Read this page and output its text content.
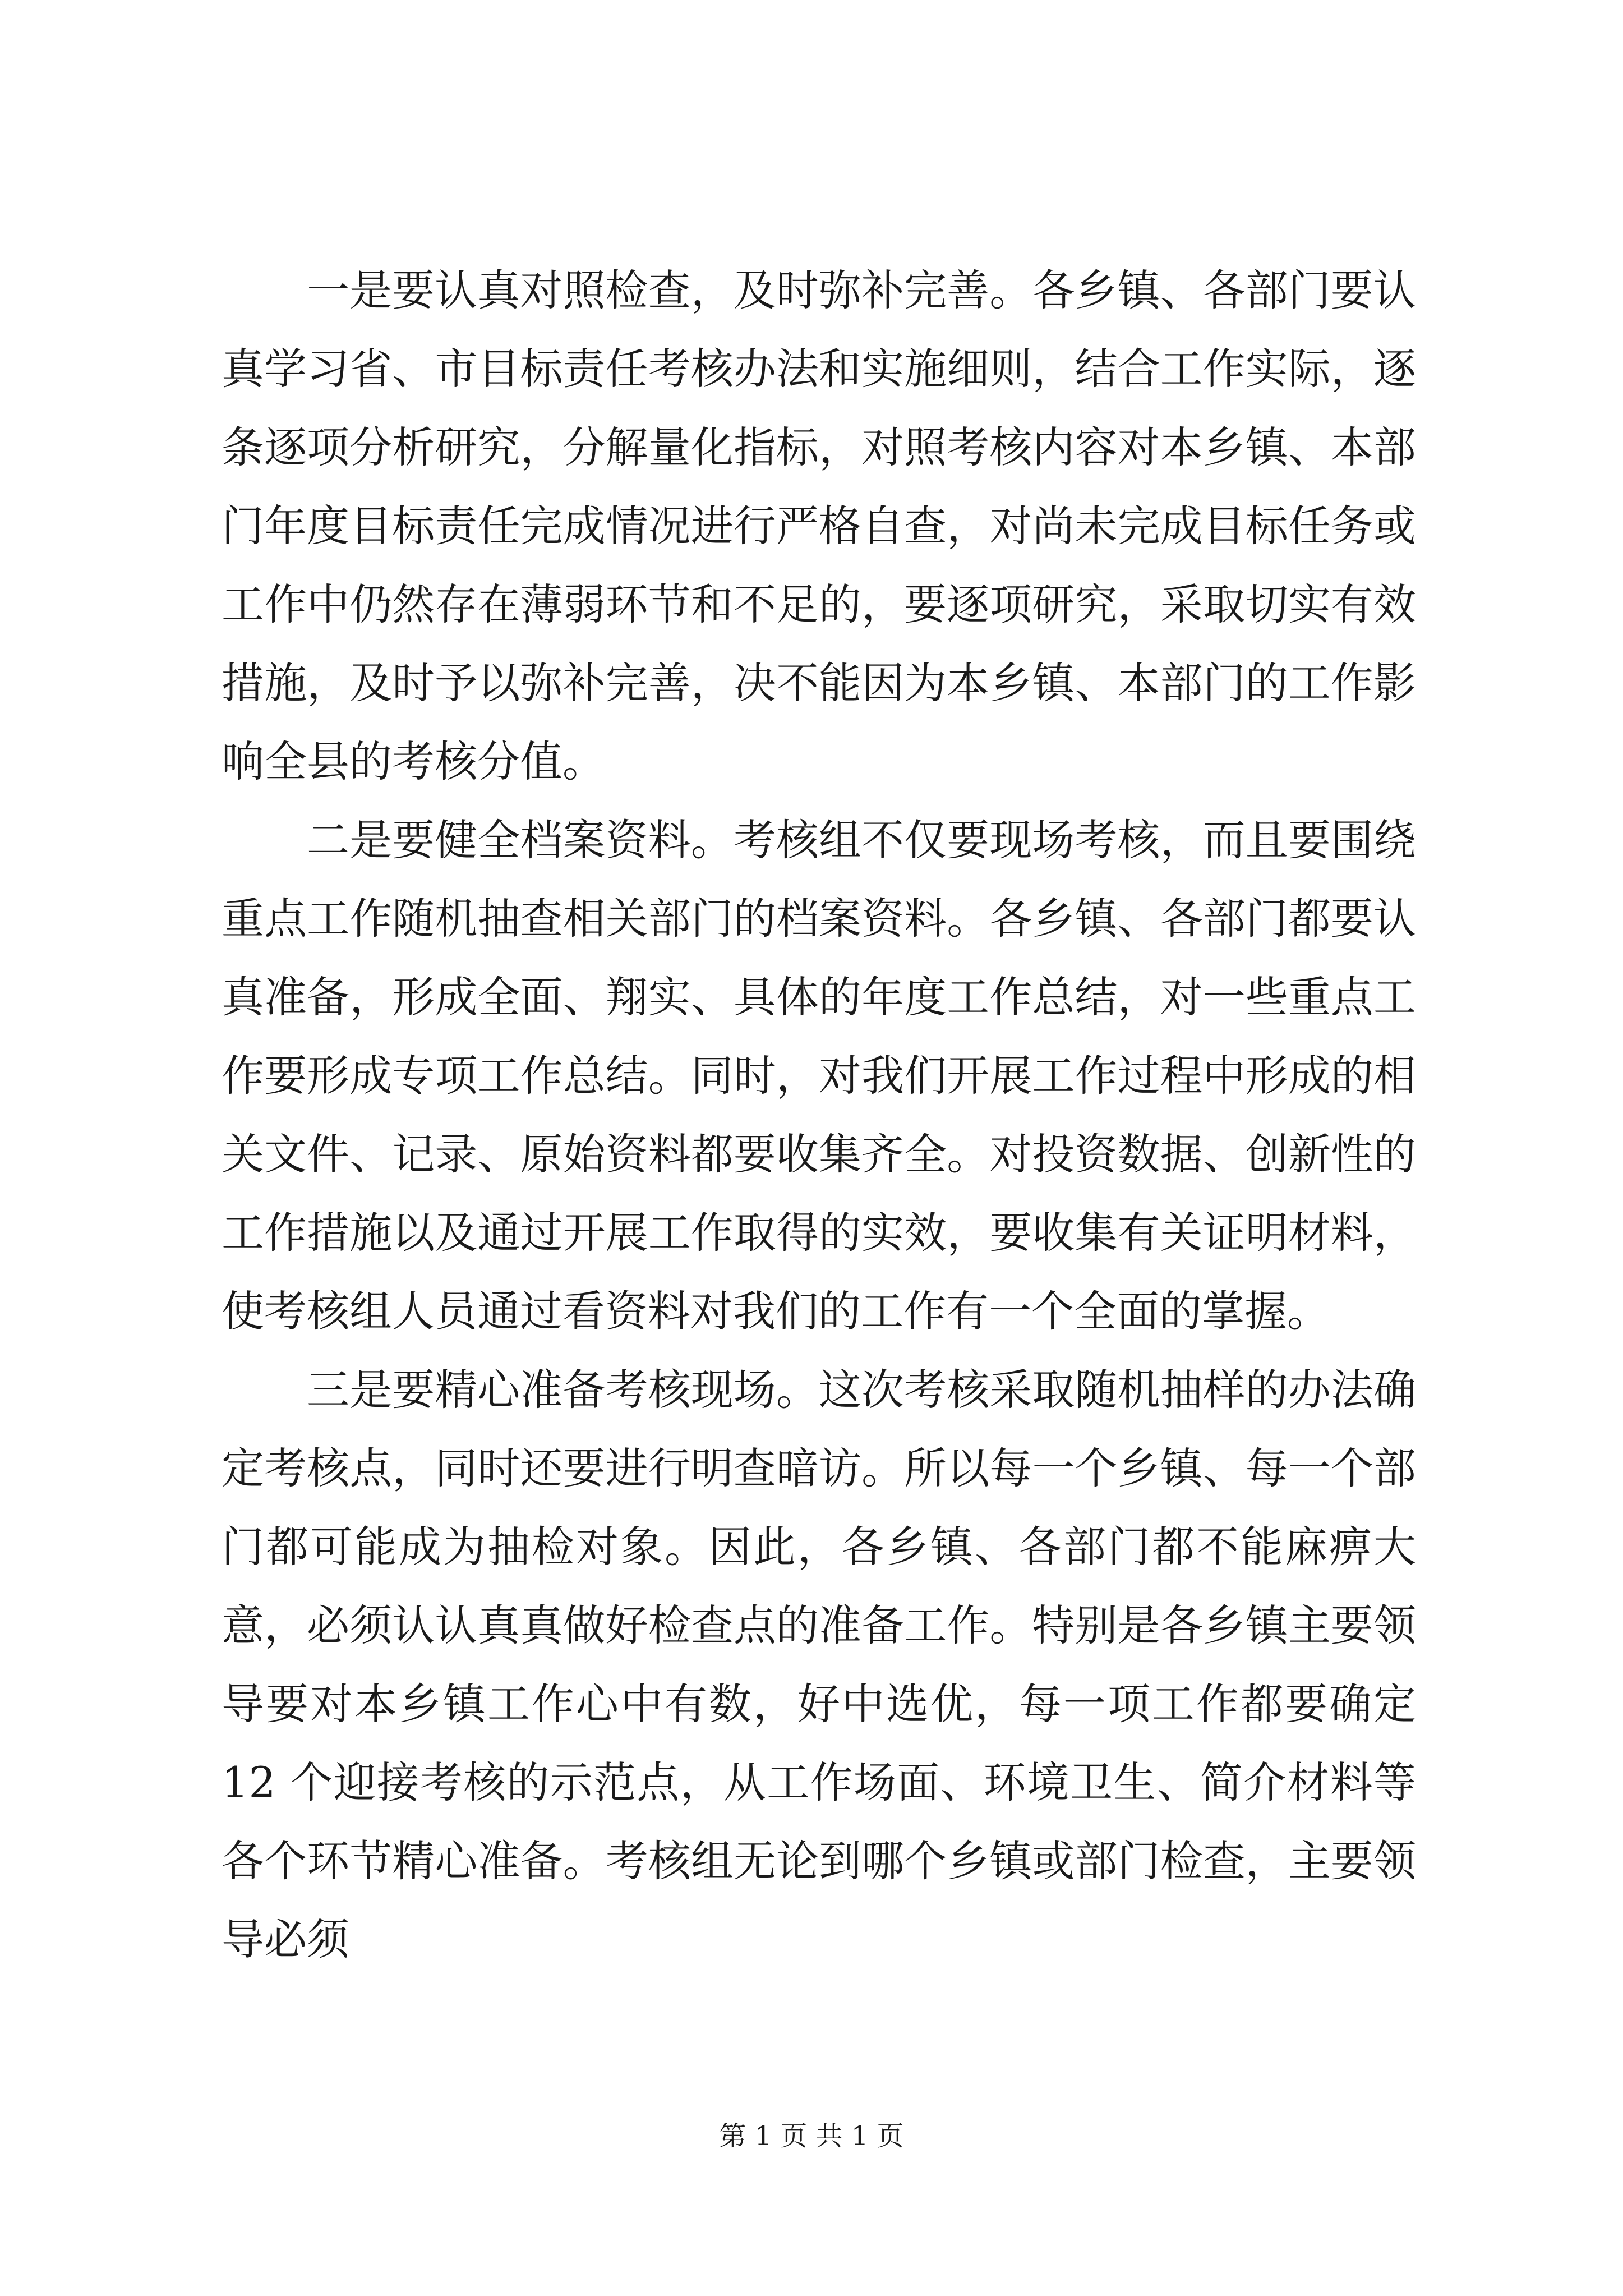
一是要认真对照检查，及时弥补完善。各乡镇、各部门要认真学习省、市目标责任考核办法和实施细则，结合工作实际，逐条逐项分析研究，分解量化指标，对照考核内容对本乡镇、本部门年度目标责任完成情况进行严格自查，对尚未完成目标任务或工作中仍然存在薄弱环节和不足的，要逐项研究，采取切实有效措施，及时予以弥补完善，决不能因为本乡镇、本部门的工作影响全县的考核分值。

二是要健全档案资料。考核组不仅要现场考核，而且要围绕重点工作随机抽查相关部门的档案资料。各乡镇、各部门都要认真准备，形成全面、翔实、具体的年度工作总结，对一些重点工作要形成专项工作总结。同时，对我们开展工作过程中形成的相关文件、记录、原始资料都要收集齐全。对投资数据、创新性的工作措施以及通过开展工作取得的实效，要收集有关证明材料，使考核组人员通过看资料对我们的工作有一个全面的掌握。

三是要精心准备考核现场。这次考核采取随机抽样的办法确定考核点，同时还要进行明查暗访。所以每一个乡镇、每一个部门都可能成为抽检对象。因此，各乡镇、各部门都不能麻痹大意，必须认认真真做好检查点的准备工作。特别是各乡镇主要领导要对本乡镇工作心中有数，好中选优，每一项工作都要确定 12 个迎接考核的示范点，从工作场面、环境卫生、简介材料等各个环节精心准备。考核组无论到哪个乡镇或部门检查，主要领导必须

第 1 页 共 1 页
